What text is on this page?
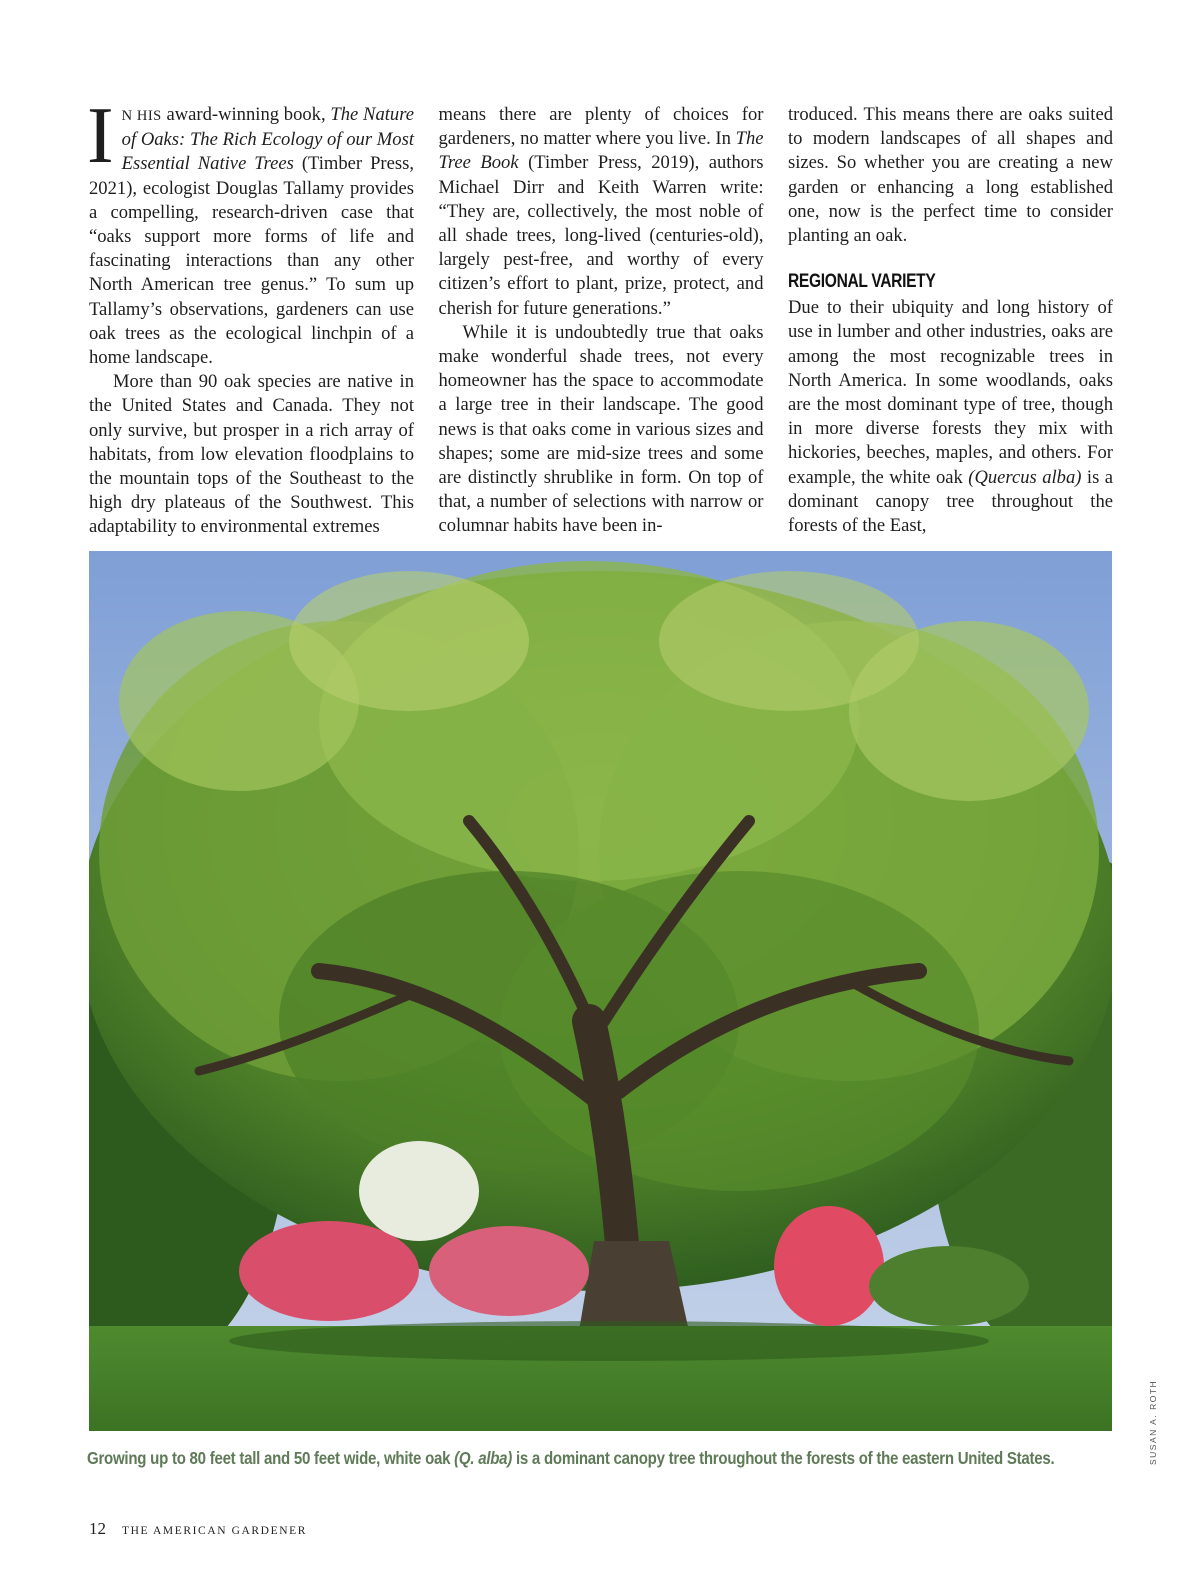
I N HIS award-winning book, The Nature of Oaks: The Rich Ecology of our Most Essential Native Trees (Timber Press, 2021), ecologist Douglas Tallamy provides a compelling, research-driven case that “oaks support more forms of life and fascinating interactions than any other North American tree genus.” To sum up Tallamy’s observations, gardeners can use oak trees as the ecological linchpin of a home landscape.

More than 90 oak species are native in the United States and Canada. They not only survive, but prosper in a rich array of habitats, from low elevation floodplains to the mountain tops of the Southeast to the high dry plateaus of the Southwest. This adaptability to environmental extremes

means there are plenty of choices for gardeners, no matter where you live. In The Tree Book (Timber Press, 2019), authors Michael Dirr and Keith Warren write: “They are, collectively, the most noble of all shade trees, long-lived (centuries-old), largely pest-free, and worthy of every citizen’s effort to plant, prize, protect, and cherish for future generations.”

While it is undoubtedly true that oaks make wonderful shade trees, not every homeowner has the space to accommodate a large tree in their landscape. The good news is that oaks come in various sizes and shapes; some are mid-size trees and some are distinctly shrublike in form. On top of that, a number of selections with narrow or columnar habits have been in-

troduced. This means there are oaks suited to modern landscapes of all shapes and sizes. So whether you are creating a new garden or enhancing a long established one, now is the perfect time to consider planting an oak.

REGIONAL VARIETY

Due to their ubiquity and long history of use in lumber and other industries, oaks are among the most recognizable trees in North America. In some woodlands, oaks are the most dominant type of tree, though in more diverse forests they mix with hickories, beeches, maples, and others. For example, the white oak (Quercus alba) is a dominant canopy tree throughout the forests of the East,

SUSAN A. ROTH
Growing up to 80 feet tall and 50 feet wide, white oak (Q. alba) is a dominant canopy tree throughout the forests of the eastern United States.
12 THE AMERICAN GARDENER
